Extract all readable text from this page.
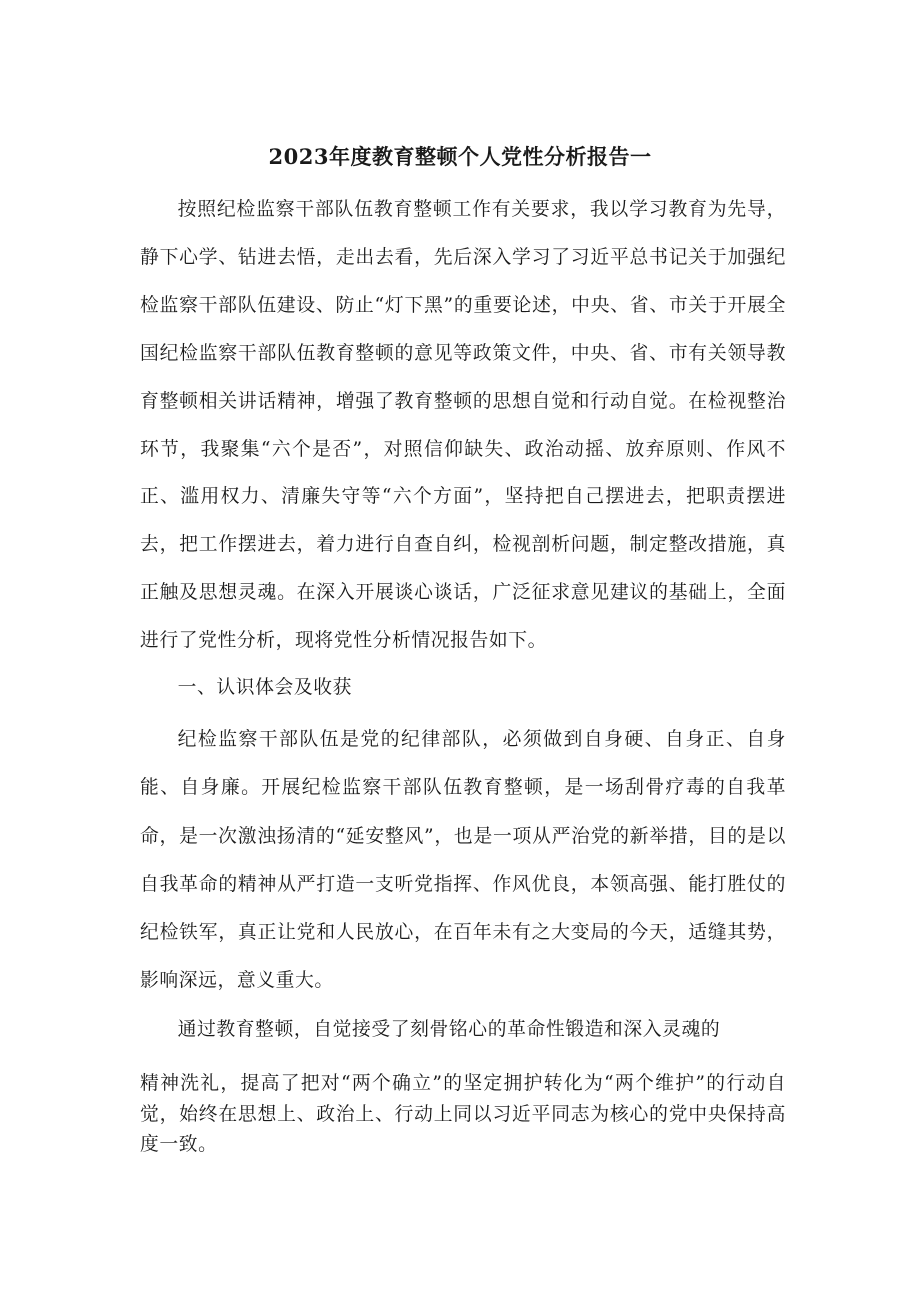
2023年度教育整顿个人党性分析报告一
按照纪检监察干部队伍教育整顿工作有关要求，我以学习教育为先导，静下心学、钻进去悟，走出去看，先后深入学习了习近平总书记关于加强纪检监察干部队伍建设、防止“灯下黑”的重要论述，中央、省、市关于开展全国纪检监察干部队伍教育整顿的意见等政策文件，中央、省、市有关领导教育整顿相关讲话精神，增强了教育整顿的思想自觉和行动自觉。在检视整治环节，我聚集“六个是否”，对照信仰缺失、政治动摇、放弃原则、作风不正、滥用权力、清廉失守等“六个方面”，坚持把自己摆进去，把职责摆进去，把工作摆进去，着力进行自查自纠，检视剖析问题，制定整改措施，真正触及思想灵魂。在深入开展谈心谈话，广泛征求意见建议的基础上，全面进行了党性分析，现将党性分析情况报告如下。
一、认识体会及收获
纪检监察干部队伍是党的纪律部队，必须做到自身硬、自身正、自身能、自身廉。开展纪检监察干部队伍教育整顿，是一场刮骨疗毒的自我革命，是一次激浊扬清的“延安整风”，也是一项从严治党的新举措，目的是以自我革命的精神从严打造一支听党指挥、作风优良，本领高强、能打胜仗的纪检铁军，真正让党和人民放心，在百年未有之大变局的今天，适缝其势，影响深远，意义重大。
通过教育整顿，自觉接受了刻骨铭心的革命性锻造和深入灵魂的
精神洗礼，提高了把对“两个确立”的坚定拥护转化为“两个维护”的行动自觉，始终在思想上、政治上、行动上同以习近平同志为核心的党中央保持高度一致。
